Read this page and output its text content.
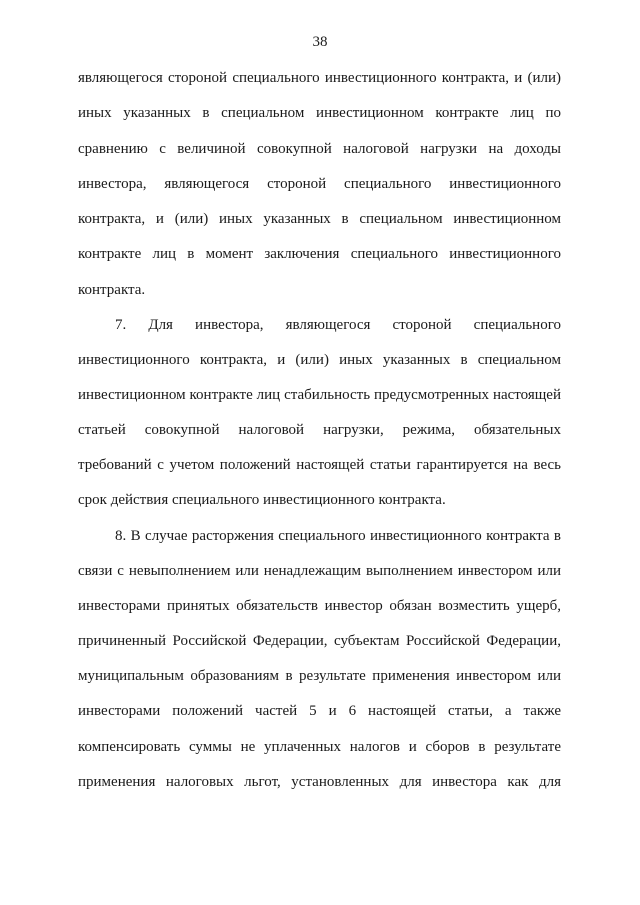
38
являющегося стороной специального инвестиционного контракта, и (или)
иных указанных в специальном инвестиционном контракте лиц по
сравнению с величиной совокупной налоговой нагрузки на доходы
инвестора, являющегося стороной специального инвестиционного
контракта, и (или) иных указанных в специальном инвестиционном
контракте лиц в момент заключения специального инвестиционного
контракта.
7. Для инвестора, являющегося стороной специального
инвестиционного контракта, и (или) иных указанных в специальном
инвестиционном контракте лиц стабильность предусмотренных настоящей
статьей совокупной налоговой нагрузки, режима, обязательных
требований с учетом положений настоящей статьи гарантируется на весь
срок действия специального инвестиционного контракта.
8. В случае расторжения специального инвестиционного контракта в
связи с невыполнением или ненадлежащим выполнением инвестором или
инвесторами принятых обязательств инвестор обязан возместить ущерб,
причиненный Российской Федерации, субъектам Российской Федерации,
муниципальным образованиям в результате применения инвестором или
инвесторами положений частей 5 и 6 настоящей статьи, а также
компенсировать суммы не уплаченных налогов и сборов в результате
применения налоговых льгот, установленных для инвестора как для
